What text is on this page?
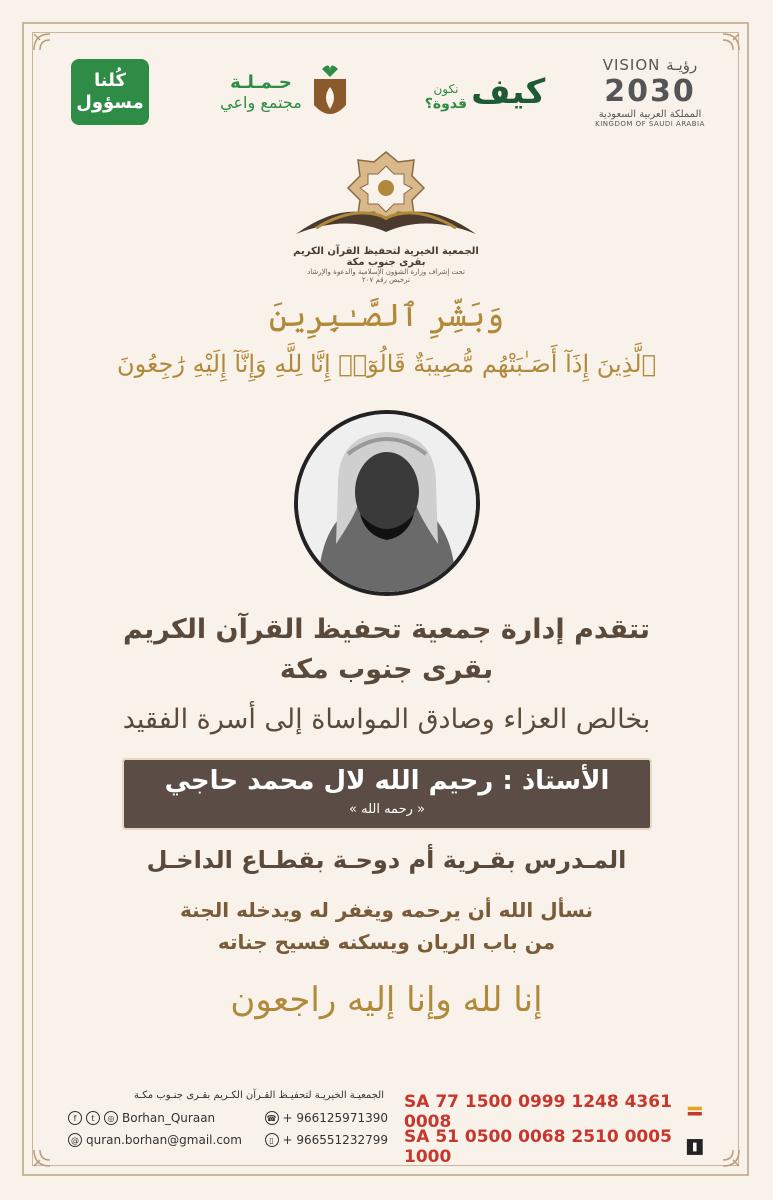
كُلنا
مسؤول
حـمـلـة
مجتمع واعي	كيف
نكون
قدوة؟
VISION رؤيـة
2030
المملكة العربية السعودية
KINGDOM OF SAUDI ARABIA
الجمعية الخيرية لتحفيظ القرآن الكريم بقرى جنوب مكة
تحت إشراف وزارة الشؤون الإسلامية والدعوة والإرشاد
ترخيص رقم ٢٠٧
وَبَشِّرِ ٱلصَّـٰبِرِينَ
ٱلَّذِينَ إِذَآ أَصَـٰبَتْهُم مُّصِيبَةٌ قَالُوٓا۟ إِنَّا لِلَّهِ وَإِنَّآ إِلَيْهِ رَٰجِعُونَ
تتقدم إدارة جمعية تحفيظ القرآن الكريم
بقرى جنوب مكة
بخالص العزاء وصادق المواساة إلى أسرة الفقيد
الأستاذ : رحيم الله لال محمد حاجي
« رحمه الله »
المـدرس بقـرية أم دوحـة بقطـاع الداخـل
نسأل الله أن يرحمه ويغفر له ويدخله الجنة
من باب الريان ويسكنه فسيح جناته
إنا لله وإنا إليه راجعون
الجمعيـة الخيريـة لتحفيـظ القـرآن الكـريم بقـرى جنـوب مكـة
f	t	◎ Borhan_Quraan	☎ + 966125971390
@ quran.borhan@gmail.com	▯ + 966551232799
SA 77 1500 0999 1248 4361 0008
SA 51 0500 0068 2510 0005 1000
